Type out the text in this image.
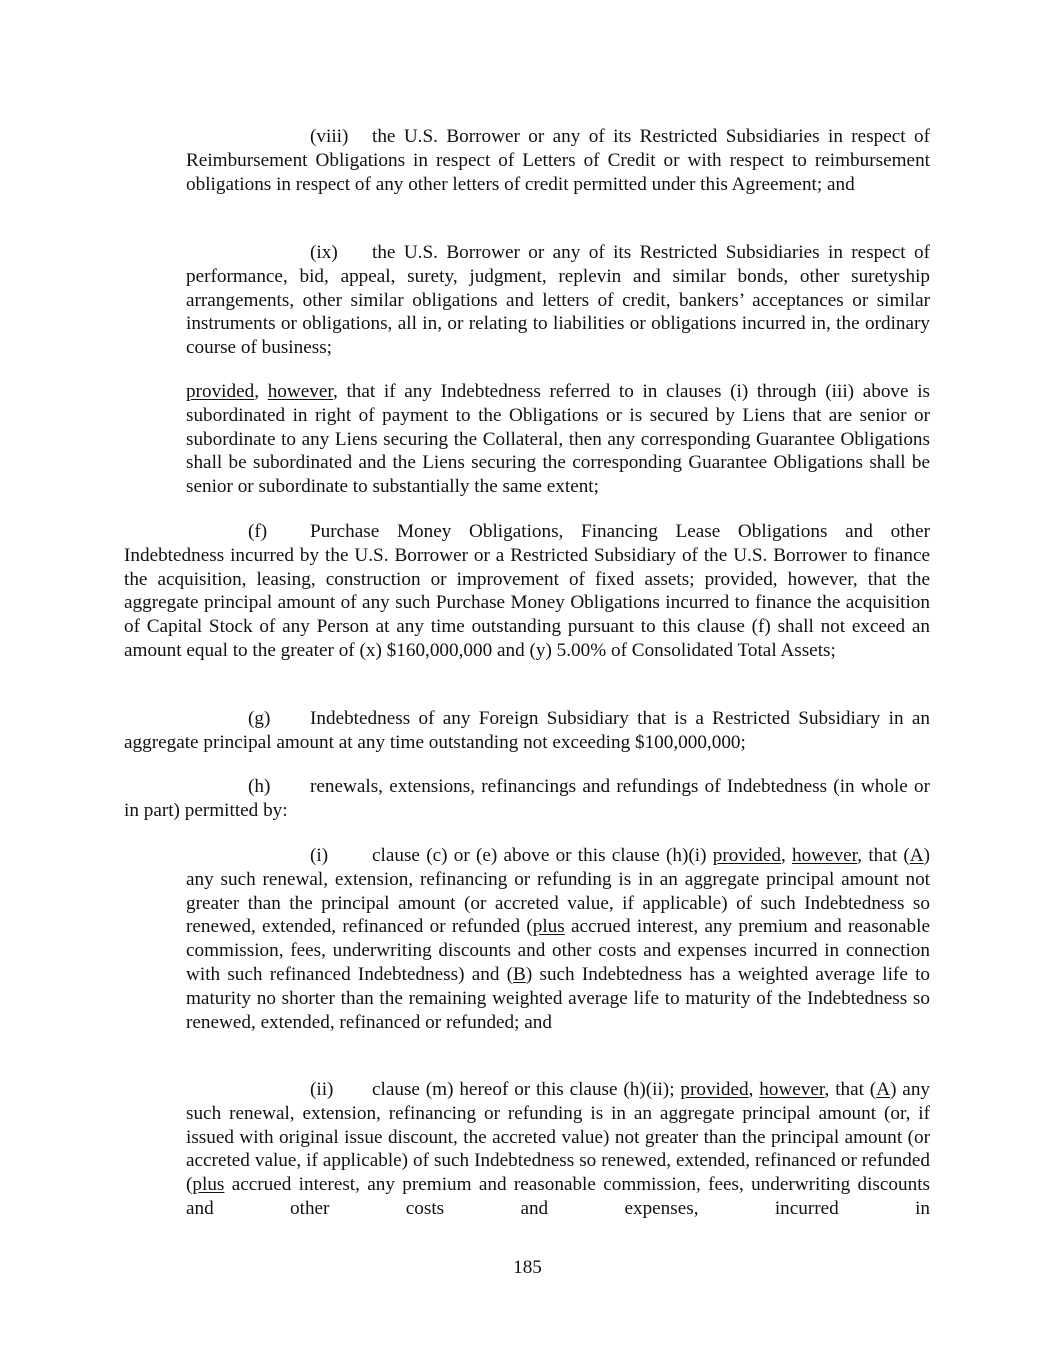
(viii) the U.S. Borrower or any of its Restricted Subsidiaries in respect of Reimbursement Obligations in respect of Letters of Credit or with respect to reimbursement obligations in respect of any other letters of credit permitted under this Agreement; and

(ix) the U.S. Borrower or any of its Restricted Subsidiaries in respect of performance, bid, appeal, surety, judgment, replevin and similar bonds, other suretyship arrangements, other similar obligations and letters of credit, bankers’ acceptances or similar instruments or obligations, all in, or relating to liabilities or obligations incurred in, the ordinary course of business;

provided, however, that if any Indebtedness referred to in clauses (i) through (iii) above is subordinated in right of payment to the Obligations or is secured by Liens that are senior or subordinate to any Liens securing the Collateral, then any corresponding Guarantee Obligations shall be subordinated and the Liens securing the corresponding Guarantee Obligations shall be senior or subordinate to substantially the same extent;

(f) Purchase Money Obligations, Financing Lease Obligations and other Indebtedness incurred by the U.S. Borrower or a Restricted Subsidiary of the U.S. Borrower to finance the acquisition, leasing, construction or improvement of fixed assets; provided, however, that the aggregate principal amount of any such Purchase Money Obligations incurred to finance the acquisition of Capital Stock of any Person at any time outstanding pursuant to this clause (f) shall not exceed an amount equal to the greater of (x) $160,000,000 and (y) 5.00% of Consolidated Total Assets;

(g) Indebtedness of any Foreign Subsidiary that is a Restricted Subsidiary in an aggregate principal amount at any time outstanding not exceeding $100,000,000;

(h) renewals, extensions, refinancings and refundings of Indebtedness (in whole or in part) permitted by:

(i) clause (c) or (e) above or this clause (h)(i) provided, however, that (A) any such renewal, extension, refinancing or refunding is in an aggregate principal amount not greater than the principal amount (or accreted value, if applicable) of such Indebtedness so renewed, extended, refinanced or refunded (plus accrued interest, any premium and reasonable commission, fees, underwriting discounts and other costs and expenses incurred in connection with such refinanced Indebtedness) and (B) such Indebtedness has a weighted average life to maturity no shorter than the remaining weighted average life to maturity of the Indebtedness so renewed, extended, refinanced or refunded; and

(ii) clause (m) hereof or this clause (h)(ii); provided, however, that (A) any such renewal, extension, refinancing or refunding is in an aggregate principal amount (or, if issued with original issue discount, the accreted value) not greater than the principal amount (or accreted value, if applicable) of such Indebtedness so renewed, extended, refinanced or refunded (plus accrued interest, any premium and reasonable commission, fees, underwriting discounts and other costs and expenses, incurred in

185
